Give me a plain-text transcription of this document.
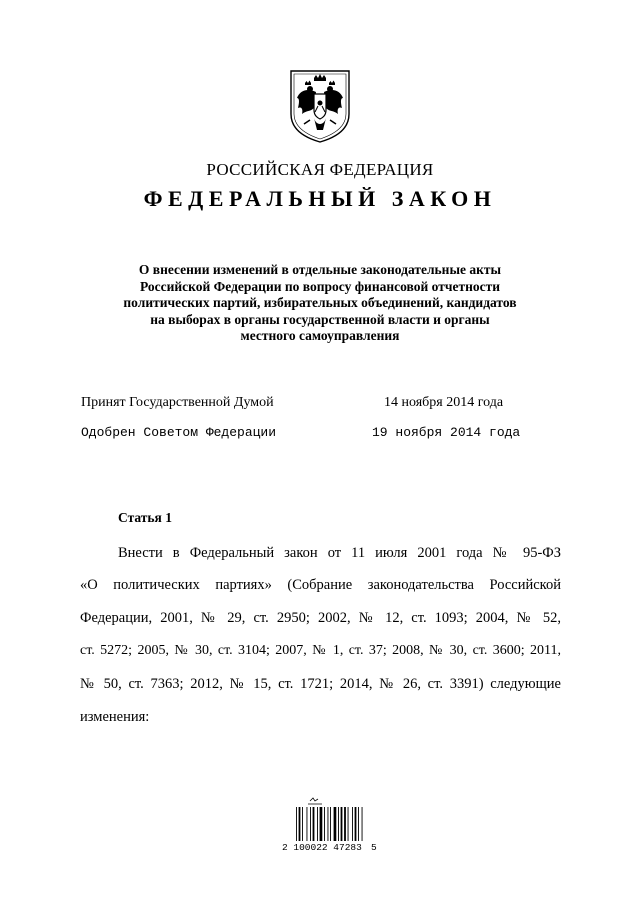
РОССИЙСКАЯ ФЕДЕРАЦИЯ
ФЕДЕРАЛЬНЫЙ ЗАКОН
О внесении изменений в отдельные законодательные акты
Российской Федерации по вопросу финансовой отчетности
политических партий, избирательных объединений, кандидатов
на выборах в органы государственной власти и органы
местного самоуправления
Принят Государственной Думой	14 ноября 2014 года
Одобрен Советом Федерации	19 ноября 2014 года
Статья 1
Внести в Федеральный закон от 11 июля 2001 года № 95-ФЗ
«О политических партиях» (Собрание законодательства Российской
Федерации, 2001, № 29, ст. 2950; 2002, № 12, ст. 1093; 2004, № 52,
ст. 5272; 2005, № 30, ст. 3104; 2007, № 1, ст. 37; 2008, № 30, ст. 3600; 2011,
№ 50, ст. 7363; 2012, № 15, ст. 1721; 2014, № 26, ст. 3391) следующие
изменения:
2 100022 47283 5
